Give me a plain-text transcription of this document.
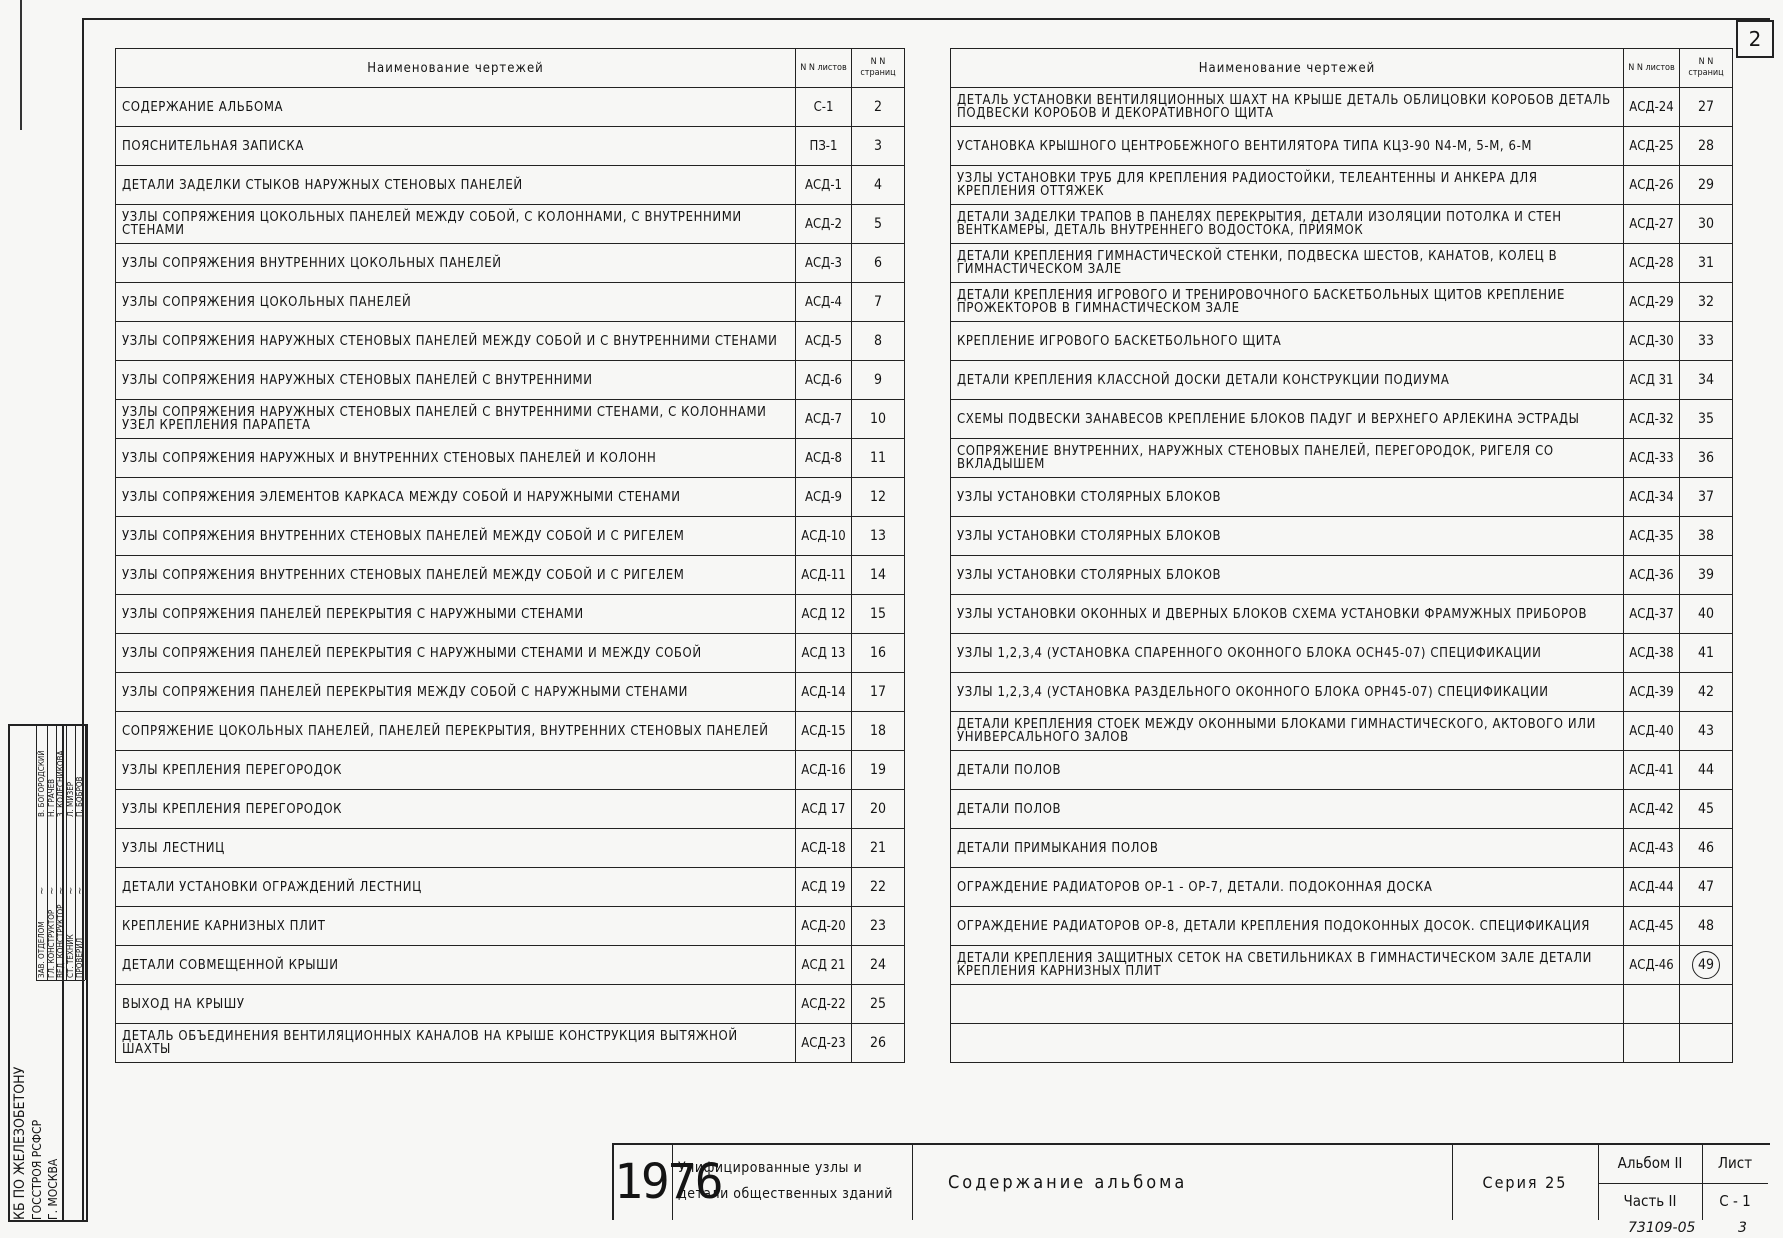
2
Наименование чертежей	N N листов	N N страниц
СОДЕРЖАНИЕ АЛЬБОМА	С-1	2
ПОЯСНИТЕЛЬНАЯ ЗАПИСКА	ПЗ-1	3
ДЕТАЛИ ЗАДЕЛКИ СТЫКОВ НАРУЖНЫХ СТЕНОВЫХ ПАНЕЛЕЙ	АСД-1	4
УЗЛЫ СОПРЯЖЕНИЯ ЦОКОЛЬНЫХ ПАНЕЛЕЙ МЕЖДУ СОБОЙ, С КОЛОННАМИ, С ВНУТРЕННИМИ СТЕНАМИ	АСД-2	5
УЗЛЫ СОПРЯЖЕНИЯ ВНУТРЕННИХ ЦОКОЛЬНЫХ ПАНЕЛЕЙ	АСД-3	6
УЗЛЫ СОПРЯЖЕНИЯ ЦОКОЛЬНЫХ ПАНЕЛЕЙ	АСД-4	7
УЗЛЫ СОПРЯЖЕНИЯ НАРУЖНЫХ СТЕНОВЫХ ПАНЕЛЕЙ МЕЖДУ СОБОЙ И С ВНУТРЕННИМИ СТЕНАМИ	АСД-5	8
УЗЛЫ СОПРЯЖЕНИЯ НАРУЖНЫХ СТЕНОВЫХ ПАНЕЛЕЙ С ВНУТРЕННИМИ	АСД-6	9
УЗЛЫ СОПРЯЖЕНИЯ НАРУЖНЫХ СТЕНОВЫХ ПАНЕЛЕЙ С ВНУТРЕННИМИ СТЕНАМИ, С КОЛОННАМИ УЗЕЛ КРЕПЛЕНИЯ ПАРАПЕТА	АСД-7	10
УЗЛЫ СОПРЯЖЕНИЯ НАРУЖНЫХ И ВНУТРЕННИХ СТЕНОВЫХ ПАНЕЛЕЙ И КОЛОНН	АСД-8	11
УЗЛЫ СОПРЯЖЕНИЯ ЭЛЕМЕНТОВ КАРКАСА МЕЖДУ СОБОЙ И НАРУЖНЫМИ СТЕНАМИ	АСД-9	12
УЗЛЫ СОПРЯЖЕНИЯ ВНУТРЕННИХ СТЕНОВЫХ ПАНЕЛЕЙ МЕЖДУ СОБОЙ И С РИГЕЛЕМ	АСД-10	13
УЗЛЫ СОПРЯЖЕНИЯ ВНУТРЕННИХ СТЕНОВЫХ ПАНЕЛЕЙ МЕЖДУ СОБОЙ И С РИГЕЛЕМ	АСД-11	14
УЗЛЫ СОПРЯЖЕНИЯ ПАНЕЛЕЙ ПЕРЕКРЫТИЯ С НАРУЖНЫМИ СТЕНАМИ	АСД 12	15
УЗЛЫ СОПРЯЖЕНИЯ ПАНЕЛЕЙ ПЕРЕКРЫТИЯ С НАРУЖНЫМИ СТЕНАМИ И МЕЖДУ СОБОЙ	АСД 13	16
УЗЛЫ СОПРЯЖЕНИЯ ПАНЕЛЕЙ ПЕРЕКРЫТИЯ МЕЖДУ СОБОЙ С НАРУЖНЫМИ СТЕНАМИ	АСД-14	17
СОПРЯЖЕНИЕ ЦОКОЛЬНЫХ ПАНЕЛЕЙ, ПАНЕЛЕЙ ПЕРЕКРЫТИЯ, ВНУТРЕННИХ СТЕНОВЫХ ПАНЕЛЕЙ	АСД-15	18
УЗЛЫ КРЕПЛЕНИЯ ПЕРЕГОРОДОК	АСД-16	19
УЗЛЫ КРЕПЛЕНИЯ ПЕРЕГОРОДОК	АСД 17	20
УЗЛЫ ЛЕСТНИЦ	АСД-18	21
ДЕТАЛИ УСТАНОВКИ ОГРАЖДЕНИЙ ЛЕСТНИЦ	АСД 19	22
КРЕПЛЕНИЕ КАРНИЗНЫХ ПЛИТ	АСД-20	23
ДЕТАЛИ СОВМЕЩЕННОЙ КРЫШИ	АСД 21	24
ВЫХОД НА КРЫШУ	АСД-22	25
ДЕТАЛЬ ОБЪЕДИНЕНИЯ ВЕНТИЛЯЦИОННЫХ КАНАЛОВ НА КРЫШЕ КОНСТРУКЦИЯ ВЫТЯЖНОЙ ШАХТЫ	АСД-23	26
Наименование чертежей	N N листов	N N страниц
ДЕТАЛЬ УСТАНОВКИ ВЕНТИЛЯЦИОННЫХ ШАХТ НА КРЫШЕ ДЕТАЛЬ ОБЛИЦОВКИ КОРОБОВ ДЕТАЛЬ ПОДВЕСКИ КОРОБОВ И ДЕКОРАТИВНОГО ЩИТА	АСД-24	27
УСТАНОВКА КРЫШНОГО ЦЕНТРОБЕЖНОГО ВЕНТИЛЯТОРА ТИПА КЦ3-90 N4-М, 5-М, 6-М	АСД-25	28
УЗЛЫ УСТАНОВКИ ТРУБ ДЛЯ КРЕПЛЕНИЯ РАДИОСТОЙКИ, ТЕЛЕАНТЕННЫ И АНКЕРА ДЛЯ КРЕПЛЕНИЯ ОТТЯЖЕК	АСД-26	29
ДЕТАЛИ ЗАДЕЛКИ ТРАПОВ В ПАНЕЛЯХ ПЕРЕКРЫТИЯ, ДЕТАЛИ ИЗОЛЯЦИИ ПОТОЛКА И СТЕН ВЕНТКАМЕРЫ, ДЕТАЛЬ ВНУТРЕННЕГО ВОДОСТОКА, ПРИЯМОК	АСД-27	30
ДЕТАЛИ КРЕПЛЕНИЯ ГИМНАСТИЧЕСКОЙ СТЕНКИ, ПОДВЕСКА ШЕСТОВ, КАНАТОВ, КОЛЕЦ В ГИМНАСТИЧЕСКОМ ЗАЛЕ	АСД-28	31
ДЕТАЛИ КРЕПЛЕНИЯ ИГРОВОГО И ТРЕНИРОВОЧНОГО БАСКЕТБОЛЬНЫХ ЩИТОВ КРЕПЛЕНИЕ ПРОЖЕКТОРОВ В ГИМНАСТИЧЕСКОМ ЗАЛЕ	АСД-29	32
КРЕПЛЕНИЕ ИГРОВОГО БАСКЕТБОЛЬНОГО ЩИТА	АСД-30	33
ДЕТАЛИ КРЕПЛЕНИЯ КЛАССНОЙ ДОСКИ ДЕТАЛИ КОНСТРУКЦИИ ПОДИУМА	АСД 31	34
СХЕМЫ ПОДВЕСКИ ЗАНАВЕСОВ КРЕПЛЕНИЕ БЛОКОВ ПАДУГ И ВЕРХНЕГО АРЛЕКИНА ЭСТРАДЫ	АСД-32	35
СОПРЯЖЕНИЕ ВНУТРЕННИХ, НАРУЖНЫХ СТЕНОВЫХ ПАНЕЛЕЙ, ПЕРЕГОРОДОК, РИГЕЛЯ СО ВКЛАДЫШЕМ	АСД-33	36
УЗЛЫ УСТАНОВКИ СТОЛЯРНЫХ БЛОКОВ	АСД-34	37
УЗЛЫ УСТАНОВКИ СТОЛЯРНЫХ БЛОКОВ	АСД-35	38
УЗЛЫ УСТАНОВКИ СТОЛЯРНЫХ БЛОКОВ	АСД-36	39
УЗЛЫ УСТАНОВКИ ОКОННЫХ И ДВЕРНЫХ БЛОКОВ СХЕМА УСТАНОВКИ ФРАМУЖНЫХ ПРИБОРОВ	АСД-37	40
УЗЛЫ 1,2,3,4 (УСТАНОВКА СПАРЕННОГО ОКОННОГО БЛОКА ОСН45-07) СПЕЦИФИКАЦИИ	АСД-38	41
УЗЛЫ 1,2,3,4 (УСТАНОВКА РАЗДЕЛЬНОГО ОКОННОГО БЛОКА ОРН45-07) СПЕЦИФИКАЦИИ	АСД-39	42
ДЕТАЛИ КРЕПЛЕНИЯ СТОЕК МЕЖДУ ОКОННЫМИ БЛОКАМИ ГИМНАСТИЧЕСКОГО, АКТОВОГО ИЛИ УНИВЕРСАЛЬНОГО ЗАЛОВ	АСД-40	43
ДЕТАЛИ ПОЛОВ	АСД-41	44
ДЕТАЛИ ПОЛОВ	АСД-42	45
ДЕТАЛИ ПРИМЫКАНИЯ ПОЛОВ	АСД-43	46
ОГРАЖДЕНИЕ РАДИАТОРОВ ОР-1 - ОР-7, ДЕТАЛИ. ПОДОКОННАЯ ДОСКА	АСД-44	47
ОГРАЖДЕНИЕ РАДИАТОРОВ ОР-8, ДЕТАЛИ КРЕПЛЕНИЯ ПОДОКОННЫХ ДОСОК. СПЕЦИФИКАЦИЯ	АСД-45	48
ДЕТАЛИ КРЕПЛЕНИЯ ЗАЩИТНЫХ СЕТОК НА СВЕТИЛЬНИКАХ В ГИМНАСТИЧЕСКОМ ЗАЛЕ ДЕТАЛИ КРЕПЛЕНИЯ КАРНИЗНЫХ ПЛИТ	АСД-46	49

КБ ПО ЖЕЛЕЗОБЕТОНУ ГОССТРОЯ РСФСР Г. МОСКВА
ЗАВ. ОТДЕЛОМ
В. БОГОРОДСКИЙ
~
ГЛ. КОНСТРУКТОР
Н. ГРАЧЕВ
~
ВЕД. КОНСТРУКТОР
З. КОЛЕСНИКОВА
~
СТ. ТЕХНИК
Л. МИЗЕР
~
ПРОВЕРИЛ
П. БОБРОВ
~
1976
Унифицированные узлы и
детали общественных зданий
Содержание альбома	Серия 25
Альбом II
Часть II
Лист
С - 1
73109-05	3
